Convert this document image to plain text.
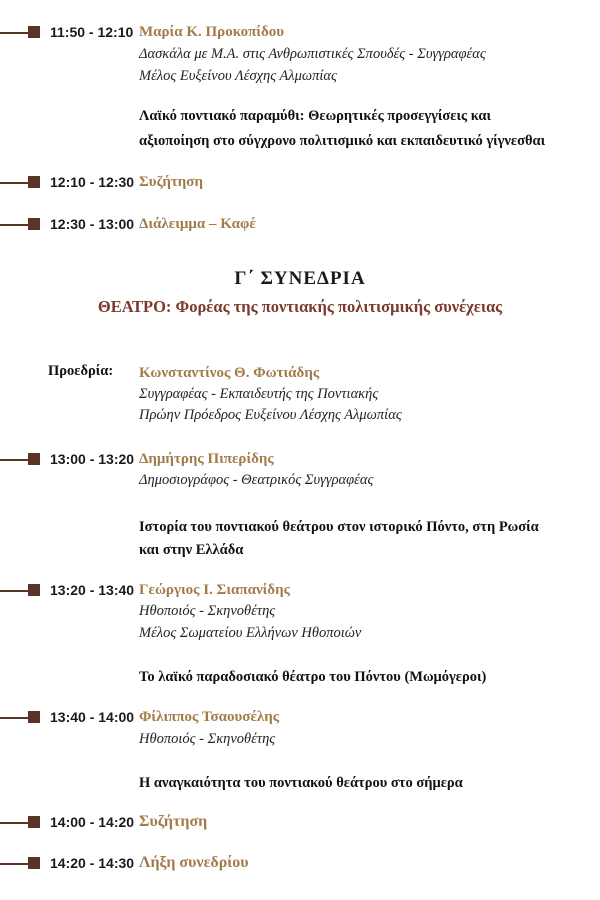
11:50 - 12:10 Μαρία Κ. Προκοπίδου
Δασκάλα με Μ.Α. στις Ανθρωπιστικές Σπουδές - Συγγραφέας
Μέλος Ευξείνου Λέσχης Αλμωπίας
Λαϊκό ποντιακό παραμύθι: Θεωρητικές προσεγγίσεις και
αξιοποίηση στο σύγχρονο πολιτισμικό και εκπαιδευτικό γίγνεσθαι
12:10 - 12:30 Συζήτηση
12:30 - 13:00 Διάλειμμα – Καφέ
Γ΄ ΣΥΝΕΔΡΙΑ
ΘΕΑΤΡΟ: Φορέας της ποντιακής πολιτισμικής συνέχειας
Προεδρία: Κωνσταντίνος Θ. Φωτιάδης
Συγγραφέας - Εκπαιδευτής της Ποντιακής
Πρώην Πρόεδρος Ευξείνου Λέσχης Αλμωπίας
13:00 - 13:20 Δημήτρης Πιπερίδης
Δημοσιογράφος - Θεατρικός Συγγραφέας
Ιστορία του ποντιακού θεάτρου στον ιστορικό Πόντο, στη Ρωσία
και στην Ελλάδα
13:20 - 13:40 Γεώργιος Ι. Σιαπανίδης
Ηθοποιός - Σκηνοθέτης
Μέλος Σωματείου Ελλήνων Ηθοποιών
Το λαϊκό παραδοσιακό θέατρο του Πόντου (Μωμόγεροι)
13:40 - 14:00 Φίλιππος Τσαουσέλης
Ηθοποιός - Σκηνοθέτης
Η αναγκαιότητα του ποντιακού θεάτρου στο σήμερα
14:00 - 14:20 Συζήτηση
14:20 - 14:30 Λήξη συνεδρίου
